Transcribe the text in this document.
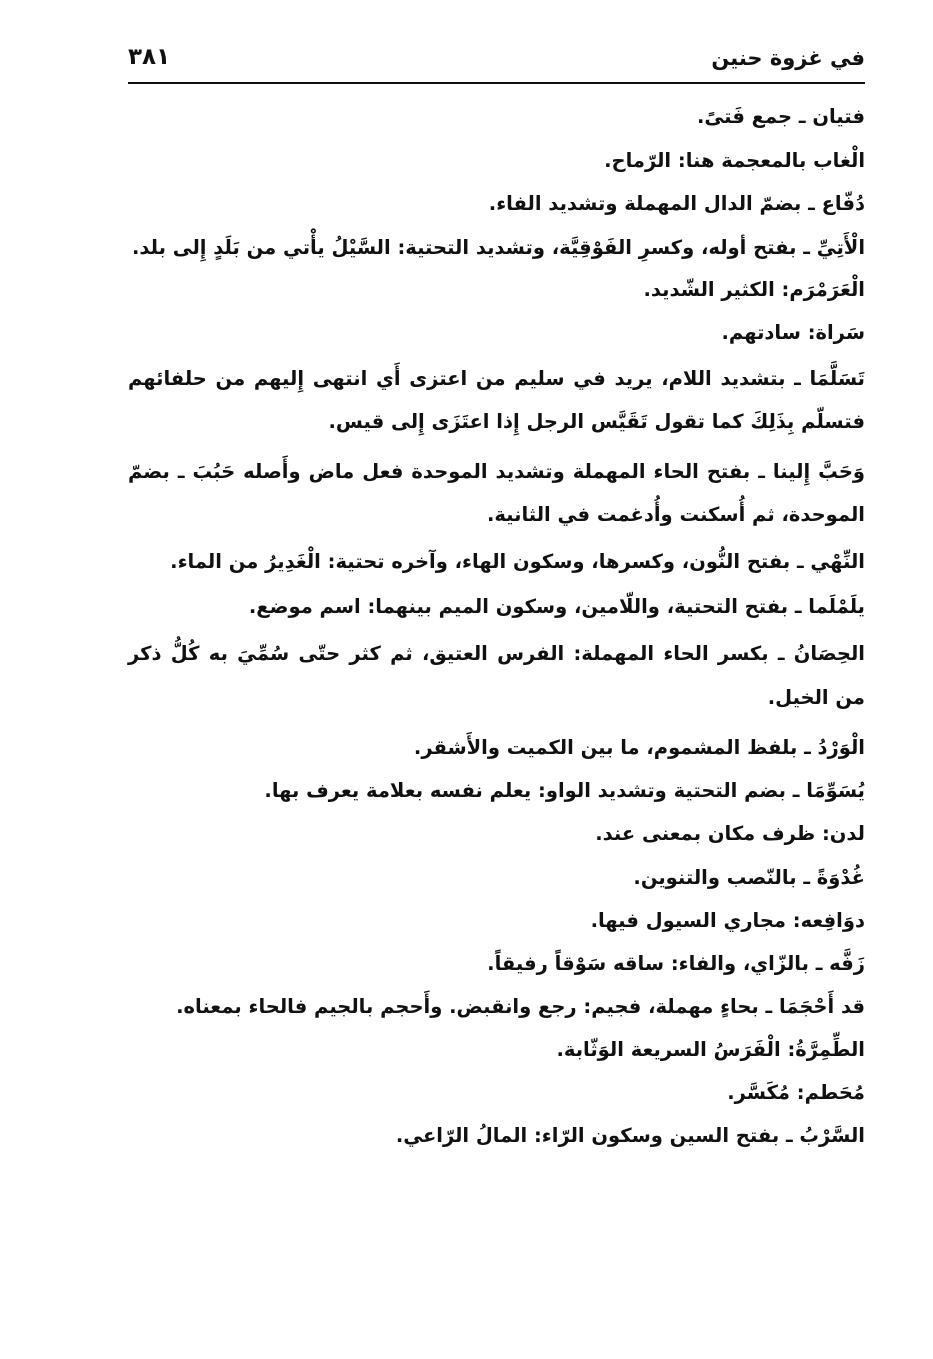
في غزوة حنين
٣٨١
فتيان ـ جمع فَتىً.
الْغاب بالمعجمة هنا: الرّماح.
دُفّاع ـ بضمّ الدال المهملة وتشديد الفاء.
الْأَتِيِّ ـ بفتح أوله، وكسرِ الفَوْقِيَّة، وتشديد التحتية: السَّيْلُ يأْتي من بَلَدٍ إِلى بلد.
الْعَرَمْرَم: الكثير الشّديد.
سَراة: سادتهم.
تَسَلَّمَا ـ بتشديد اللام، يريد في سليم من اعتزى أَي انتهى إِليهم من حلفائهم فتسلّم بِذَلِكَ كما تقول تَقَيَّس الرجل إِذا اعتَزَى إِلى قيس.
وَحَبَّ إِلينا ـ بفتح الحاء المهملة وتشديد الموحدة فعل ماض وأَصله حَبُبَ ـ بضمّ الموحدة، ثم أُسكنت وأُدغمت في الثانية.
النِّهْي ـ بفتح النُّون، وكسرها، وسكون الهاء، وآخره تحتية: الْغَدِيرُ من الماء.
يلَمْلَما ـ بفتح التحتية، واللّامين، وسكون الميم بينهما: اسم موضع.
الحِصَانُ ـ بكسر الحاء المهملة: الفرس العتيق، ثم كثر حتّى سُمِّيَ به كُلُّ ذكر من الخيل.
الْوَرْدُ ـ بلفظ المشموم، ما بين الكميت والأَشقر.
يُسَوِّمَا ـ بضم التحتية وتشديد الواو: يعلم نفسه بعلامة يعرف بها.
لدن: ظرف مكان بمعنى عند.
غُدْوَةً ـ بالنّصب والتنوين.
دوَافِعه: مجاري السيول فيها.
زَفَّه ـ بالزّاي، والفاء: ساقه سَوْقاً رفيقاً.
قد أَحْجَمَا ـ بحاءٍ مهملة، فجيم: رجع وانقبض. وأَحجم بالجيم فالحاء بمعناه.
الطِّمِرَّةُ: الْفَرَسُ السريعة الوَثّابة.
مُحَطم: مُكَسَّر.
السَّرْبُ ـ بفتح السين وسكون الرّاء: المالُ الرّاعي.
